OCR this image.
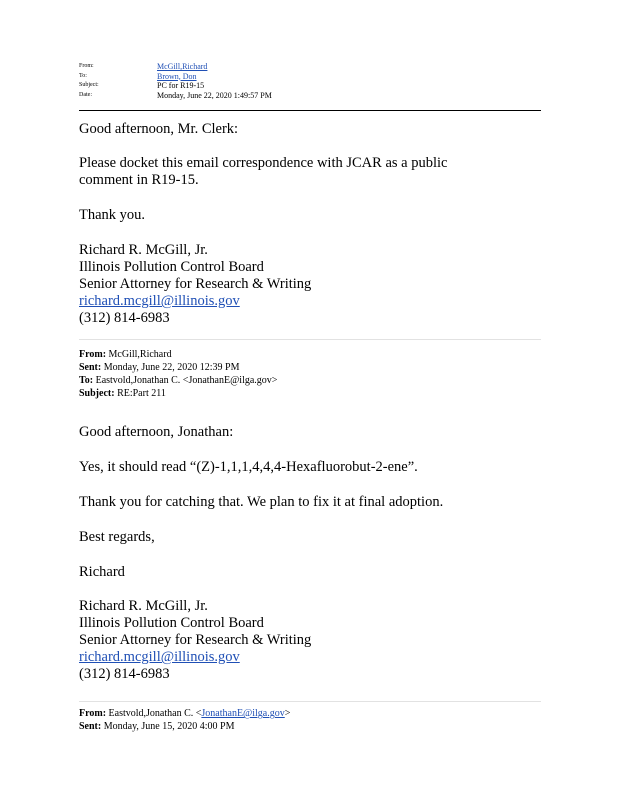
From:	McGill,Richard
To:	Brown, Don
Subject:	PC for R19-15
Date:	Monday, June 22, 2020 1:49:57 PM

Good afternoon, Mr. Clerk:

Please docket this email correspondence with JCAR as a public

comment in R19-15.

Thank you.

Richard R. McGill, Jr.

Illinois Pollution Control Board

Senior Attorney for Research & Writing

richard.mcgill@illinois.gov

(312) 814-6983

From: McGill,Richard
Sent: Monday, June 22, 2020 12:39 PM
To: Eastvold,Jonathan C. <JonathanE@ilga.gov>
Subject: RE:Part 211

Good afternoon, Jonathan:

Yes, it should read “(Z)-1,1,1,4,4,4-Hexafluorobut-2-ene”.

Thank you for catching that. We plan to fix it at final adoption.

Best regards,

Richard

Richard R. McGill, Jr.

Illinois Pollution Control Board

Senior Attorney for Research & Writing

richard.mcgill@illinois.gov

(312) 814-6983

From: Eastvold,Jonathan C. <JonathanE@ilga.gov>
Sent: Monday, June 15, 2020 4:00 PM
